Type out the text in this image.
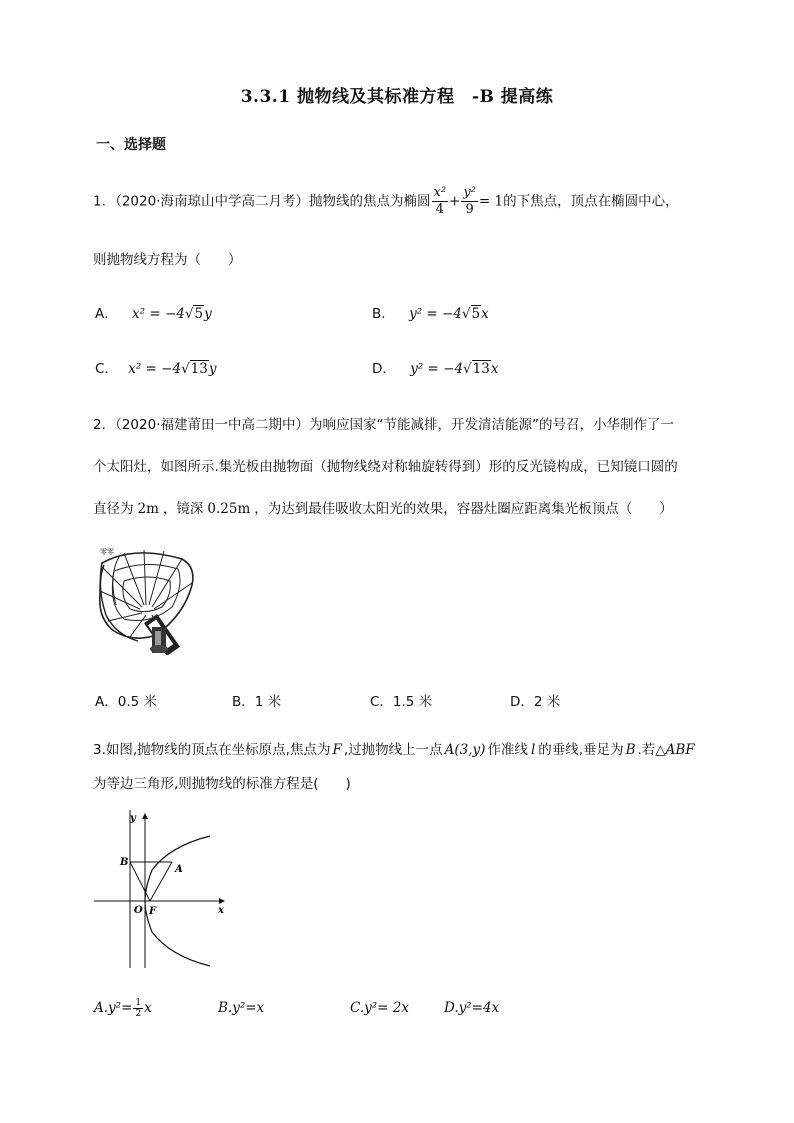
3.3.1 抛物线及其标准方程　-B 提高练
一、选择题
1．（2020·海南琼山中学高二月考）抛物线的焦点为椭圆 $\frac{\text{x²}}{4} + \frac{\text{y²}}{9} = 1$的下焦点，顶点在椭圆中心，
则抛物线方程为（　　）
A． x² = −4√5y	B． y² = −4√5x
C． x² = −4√13y	D． y² = −4√13x
2．（2020·福建莆田一中高二期中）为响应国家“节能减排，开发清洁能源”的号召，小华制作了一
个太阳灶，如图所示.集光板由抛物面（抛物线绕对称轴旋转得到）形的反光镜构成，已知镜口圆的
直径为 2m ，镜深 0.25m ，为达到最佳吸收太阳光的效果，容器灶圈应距离集光板顶点（　　）
零零
A．0.5 米	B．1 米	C．1.5 米	D．2 米
3.如图,抛物线的顶点在坐标原点,焦点为 F ,过抛物线上一点 A(3,y) 作准线 l 的垂线,垂足为 B .若△ABF
为等边三角形,则抛物线的标准方程是(　　)
y
x
O F
A
B
$A.y^2= \frac{1}{2}$ x	B.y²=x	C.y²= 2x	D.y²=4x
